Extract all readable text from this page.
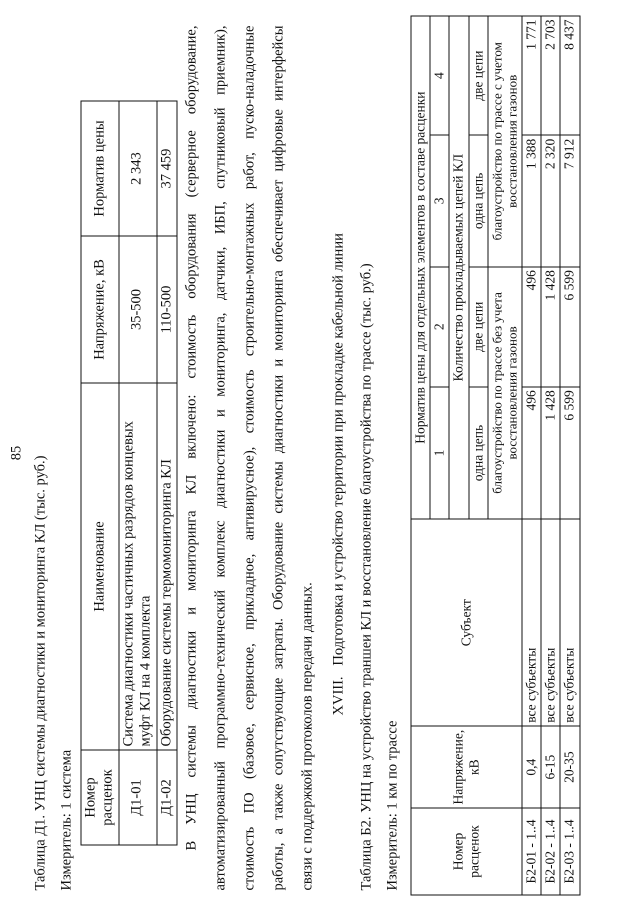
85
Таблица Д1. УНЦ системы диагностики и мониторинга КЛ (тыс. руб.) Измеритель: 1 система Номер расценок	Наименование	Напряжение, кВ	Норматив цены
Д1-01	Система диагностики частичных разрядов концевых муфт КЛ на 4 комплекта	35-500	2 343
Д1-02	Оборудование системы термомониторинга КЛ	110-500	37 459 В УНЦ системы диагностики и мониторинга КЛ включено: стоимость оборудования (серверное оборудование, автоматизированный программно-технический комплекс диагностики и мониторинга, датчики, ИБП, спутниковый приемник), стоимость ПО (базовое, сервисное, прикладное, антивирусное), стоимость строительно-монтажных работ, пуско-наладочные работы, а также сопутствующие затраты. Оборудование системы диагностики и мониторинга обеспечивает цифровые интерфейсы связи с поддержкой протоколов передачи данных.
XVIII.   Подготовка и устройство территории при прокладке кабельной линии Таблица Б2. УНЦ на устройство траншеи КЛ и восстановление благоустройства по трассе (тыс. руб.) Измеритель: 1 км по трассе	Номер расценок	Напряжение, кВ	Субъект	Норматив цены для отдельных элементов в составе расценки			
			1	2	3	4
			Количество прокладываемых цепей КЛ			
			одна цепь	две цепи	одна цепь	две цепи
			благоустройство по трассе без учета восстановления газонов		благоустройство по трассе с учетом восстановления газонов	
Б2-01 - 1..4	0,4	все субъекты	496	496	1 388	1 771
Б2-02 - 1..4	6-15	все субъекты	1 428	1 428	2 320	2 703
Б2-03 - 1..4	20-35	все субъекты	6 599	6 599	7 912	8 437
